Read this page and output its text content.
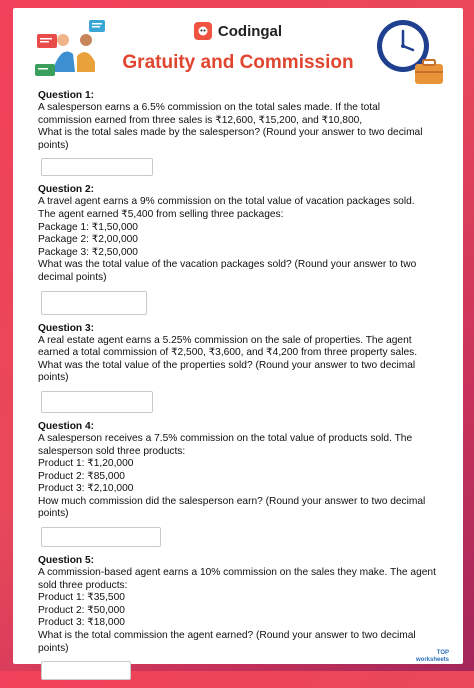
Codingal
Gratuity and Commission
Question 1:
A salesperson earns a 6.5% commission on the total sales made. If the total
commission earned from three sales is ₹12,600, ₹15,200, and ₹10,800,
What is the total sales made by the salesperson? (Round your answer to two decimal
points)
Question 2:
A travel agent earns a 9% commission on the total value of vacation packages sold.
The agent earned ₹5,400 from selling three packages:
Package 1: ₹1,50,000
Package 2: ₹2,00,000
Package 3: ₹2,50,000
What was the total value of the vacation packages sold? (Round your answer to two
decimal points)
Question 3:
A real estate agent earns a 5.25% commission on the sale of properties. The agent
earned a total commission of ₹2,500, ₹3,600, and ₹4,200 from three property sales.
What was the total value of the properties sold? (Round your answer to two decimal
points)
Question 4:
A salesperson receives a 7.5% commission on the total value of products sold. The
salesperson sold three products:
Product 1: ₹1,20,000
Product 2: ₹85,000
Product 3: ₹2,10,000
How much commission did the salesperson earn? (Round your answer to two decimal
points)
Question 5:
A commission-based agent earns a 10% commission on the sales they make. The agent
sold three products:
Product 1: ₹35,500
Product 2: ₹50,000
Product 3: ₹18,000
What is the total commission the agent earned? (Round your answer to two decimal
points)	TOP
worksheets
